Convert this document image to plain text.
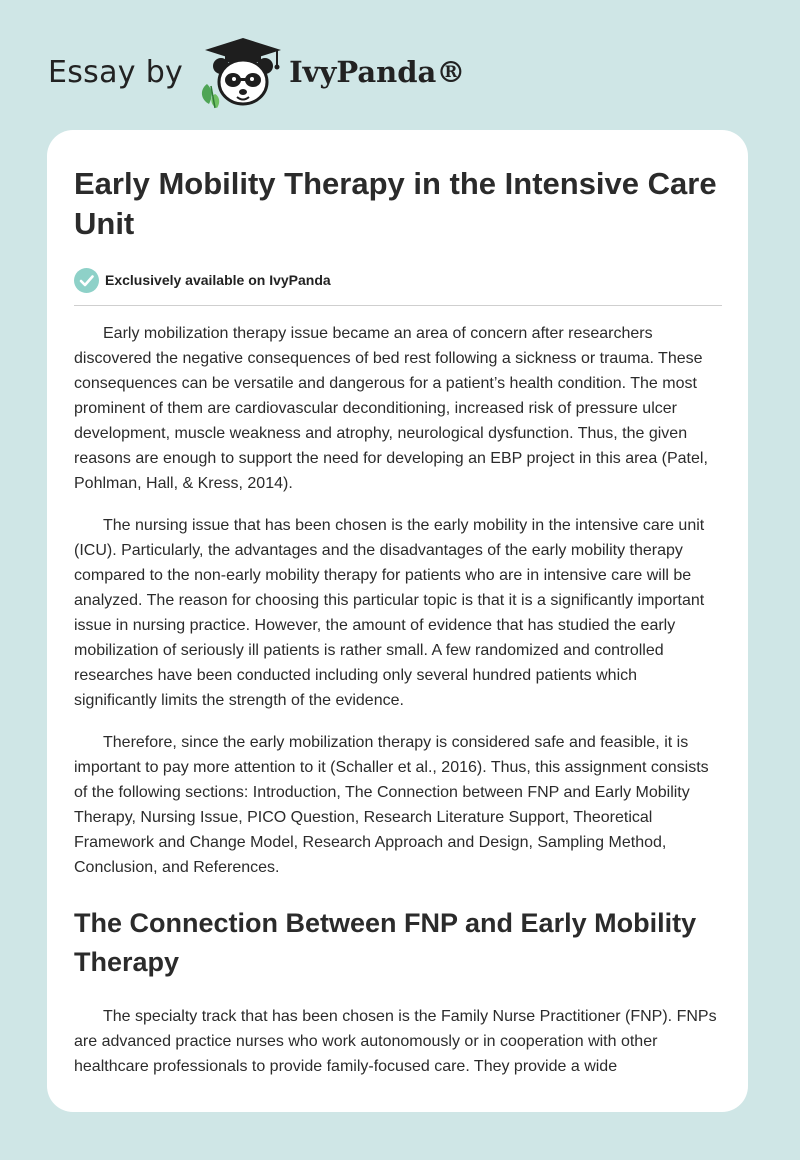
Essay by	IvyPanda®
Early Mobility Therapy in the Intensive Care Unit
Exclusively available on IvyPanda

Early mobilization therapy issue became an area of concern after researchers discovered the negative consequences of bed rest following a sickness or trauma. These consequences can be versatile and dangerous for a patient’s health condition. The most prominent of them are cardiovascular deconditioning, increased risk of pressure ulcer development, muscle weakness and atrophy, neurological dysfunction. Thus, the given reasons are enough to support the need for developing an EBP project in this area (Patel, Pohlman, Hall, & Kress, 2014).

The nursing issue that has been chosen is the early mobility in the intensive care unit (ICU). Particularly, the advantages and the disadvantages of the early mobility therapy compared to the non-early mobility therapy for patients who are in intensive care will be analyzed. The reason for choosing this particular topic is that it is a significantly important issue in nursing practice. However, the amount of evidence that has studied the early mobilization of seriously ill patients is rather small. A few randomized and controlled researches have been conducted including only several hundred patients which significantly limits the strength of the evidence.

Therefore, since the early mobilization therapy is considered safe and feasible, it is important to pay more attention to it (Schaller et al., 2016). Thus, this assignment consists of the following sections: Introduction, The Connection between FNP and Early Mobility Therapy, Nursing Issue, PICO Question, Research Literature Support, Theoretical Framework and Change Model, Research Approach and Design, Sampling Method, Conclusion, and References.

The Connection Between FNP and Early Mobility Therapy

The specialty track that has been chosen is the Family Nurse Practitioner (FNP). FNPs are advanced practice nurses who work autonomously or in cooperation with other healthcare professionals to provide family-focused care. They provide a wide
